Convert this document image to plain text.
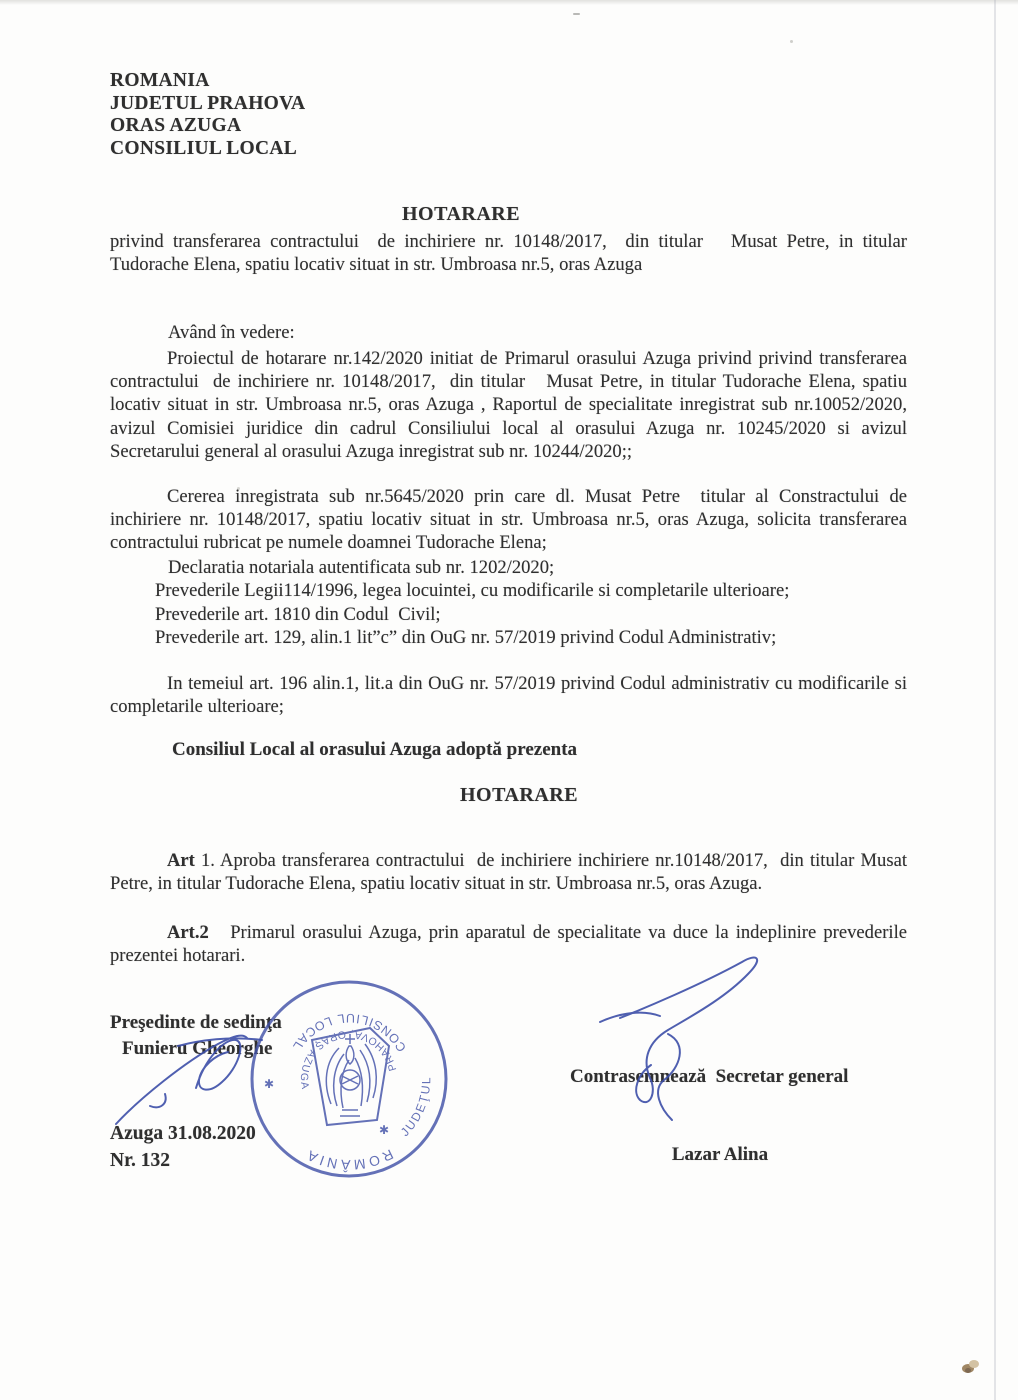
ROMANIA
JUDETUL PRAHOVA
ORAS AZUGA
CONSILIUL LOCAL
HOTARARE
privind transferarea contractului  de inchiriere nr. 10148/2017,  din titular   Musat Petre, in titular Tudorache Elena, spatiu locativ situat in str. Umbroasa nr.5, oras Azuga
Având în vedere:
Proiectul de hotarare nr.142/2020 initiat de Primarul orasului Azuga privind privind transferarea contractului  de inchiriere nr. 10148/2017,  din titular   Musat Petre, in titular Tudorache Elena, spatiu locativ situat in str. Umbroasa nr.5, oras Azuga , Raportul de specialitate inregistrat sub nr.10052/2020, avizul Comisiei juridice din cadrul Consiliului local al orasului Azuga nr. 10245/2020 si avizul Secretarului general al orasului Azuga inregistrat sub nr. 10244/2020;;
Cererea inregistrata sub nr.5645/2020 prin care dl. Musat Petre  titular al Constractului de inchiriere nr. 10148/2017, spatiu locativ situat in str. Umbroasa nr.5, oras Azuga, solicita transferarea contractului rubricat pe numele doamnei Tudorache Elena;
Declaratia notariala autentificata sub nr. 1202/2020;
Prevederile Legii114/1996, legea locuintei, cu modificarile si completarile ulterioare;
Prevederile art. 1810 din Codul  Civil;
Prevederile art. 129, alin.1 lit”c” din OuG nr. 57/2019 privind Codul Administrativ;
In temeiul art. 196 alin.1, lit.a din OuG nr. 57/2019 privind Codul administrativ cu modificarile si completarile ulterioare;
Consiliul Local al orasului Azuga adoptă prezenta
HOTARARE
Art 1. Aproba transferarea contractului  de inchiriere inchiriere nr.10148/2017,  din titular Musat Petre, in titular Tudorache Elena, spatiu locativ situat in str. Umbroasa nr.5, oras Azuga.
Art.2   Primarul orasului Azuga, prin aparatul de specialitate va duce la indeplinire prevederile prezentei hotarari.
Preşedinte de sedinţa
Funieru Gheorghe

Contrasemnează  Secretar general

Lazar Alina

Azuga 31.08.2020
Nr. 132	ROMÂNIA
CONSILIUL LOCAL
PRAHOVA, ORAŞ AZUGA
JUDEŢUL
✱
✱
